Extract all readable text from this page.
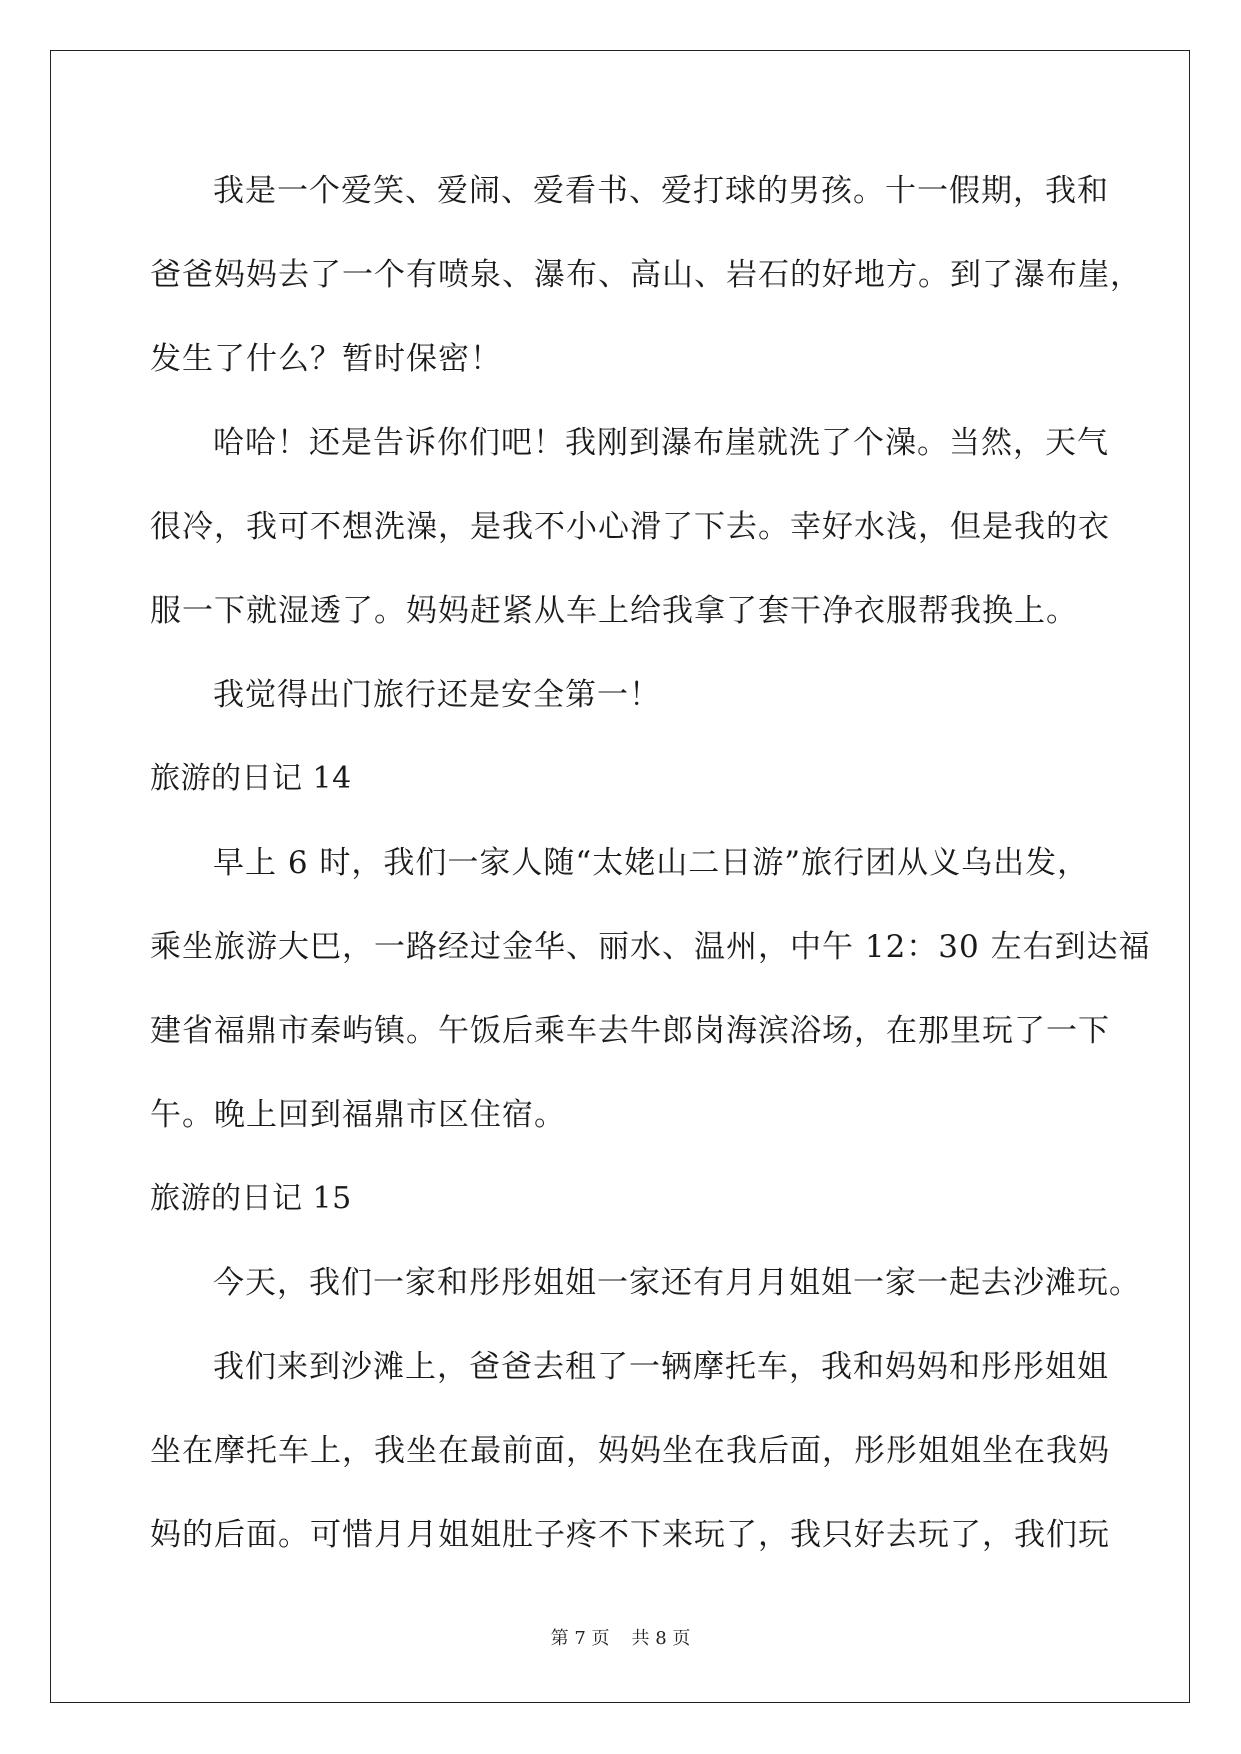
我是一个爱笑、爱闹、爱看书、爱打球的男孩。十一假期，我和
爸爸妈妈去了一个有喷泉、瀑布、高山、岩石的好地方。到了瀑布崖，
发生了什么？暂时保密！
哈哈！还是告诉你们吧！我刚到瀑布崖就洗了个澡。当然，天气
很冷，我可不想洗澡，是我不小心滑了下去。幸好水浅，但是我的衣
服一下就湿透了。妈妈赶紧从车上给我拿了套干净衣服帮我换上。
我觉得出门旅行还是安全第一！
旅游的日记 14
早上 6 时，我们一家人随“太姥山二日游”旅行团从义乌出发，
乘坐旅游大巴，一路经过金华、丽水、温州，中午 12：30 左右到达福
建省福鼎市秦屿镇。午饭后乘车去牛郎岗海滨浴场，在那里玩了一下
午。晚上回到福鼎市区住宿。
旅游的日记 15
今天，我们一家和彤彤姐姐一家还有月月姐姐一家一起去沙滩玩。
我们来到沙滩上，爸爸去租了一辆摩托车，我和妈妈和彤彤姐姐
坐在摩托车上，我坐在最前面，妈妈坐在我后面，彤彤姐姐坐在我妈
妈的后面。可惜月月姐姐肚子疼不下来玩了，我只好去玩了，我们玩
第 7 页 共 8 页
